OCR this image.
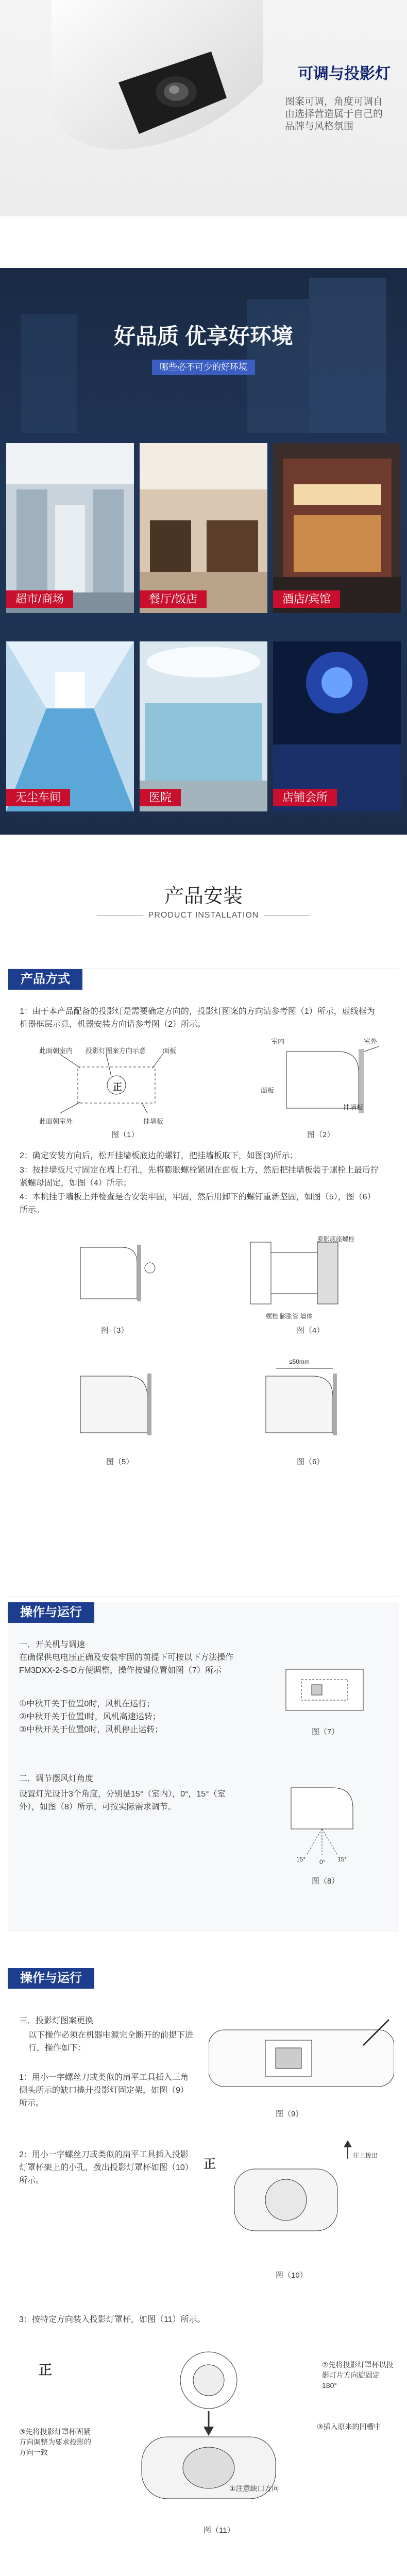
可调与投影灯
图案可调，角度可调自由选择营造属于自己的品牌与风格氛围
好品质 优享好环境
哪些必不可少的好环境
超市/商场	餐厅/饭店	酒店/宾馆
无尘车间	医院	店铺会所
产品安装
PRODUCT INSTALLATION
产品方式
1：由于本产品配备的投影灯是需要确定方向的，投影灯图案的方向请参考图（1）所示，虚线框为机器框层示意，机器安装方向请参考图（2）所示。
此面朝室内 投影灯图案方向示意	面板
此面朝室外	挂墙板
正
图（1）
室内	室外
面板
挂墙板
图（2）
2：确定安装方向后，松开挂墙板底边的螺钉，把挂墙板取下，如图(3)所示；
3：按挂墙板尺寸固定在墙上打孔，先将膨胀螺栓紧固在面板上方，然后把挂墙板装于螺栓上最后拧紧螺母固定，如图（4）所示；
4：本机挂于墙板上并检查是否安装牢固，牢固，然后用卸下的螺钉重新坚固，如图（5），图（6）所示。
图（3）
膨胀底座螺栓
螺栓 膨胀管 墙体
图（4）
图（5）
≤50mm
图（6）
操作与运行
一．开关机与调速
在确保供电电压正确及安装牢固的前提下可按以下方法操作FM3DXX-2-S-D方便调整，操作按键位置如图（7）所示
①中秋开关于位置0时，风机在运行；
②中秋开关于位置I时，风机高速运转；
③中秋开关于位置0时，风机停止运转；	图（7）
二．调节摆风灯角度
设置灯光设计3个角度，分别是15°（室内），0°，15°（室外），如图（8）所示，可按实际需求调节。
15° 0° 15°
图（8）
操作与运行
三．投影灯图案更换
以下操作必须在机器电源完全断开的前提下进行，操作如下：
1：用小一字螺丝刀或类似的扁平工具插入三角侧头所示的缺口撬开投影灯固定架，如图（9）所示。
图（9）
2：用小一字螺丝刀或类似的扁平工具插入投影灯罩杯架上的小孔，拨出投影灯罩杯如图（10）所示。
正
往上拨出
图（10）
3：按特定方向装入投影灯罩杯，如图（11）所示。
正
③先将投影灯罩杯固紧方向调整为要求投影的方向一致
②先将投影灯罩杯以投影灯片方向旋固定180°
③插入原来的凹槽中
①注意缺口方向
图（11）
